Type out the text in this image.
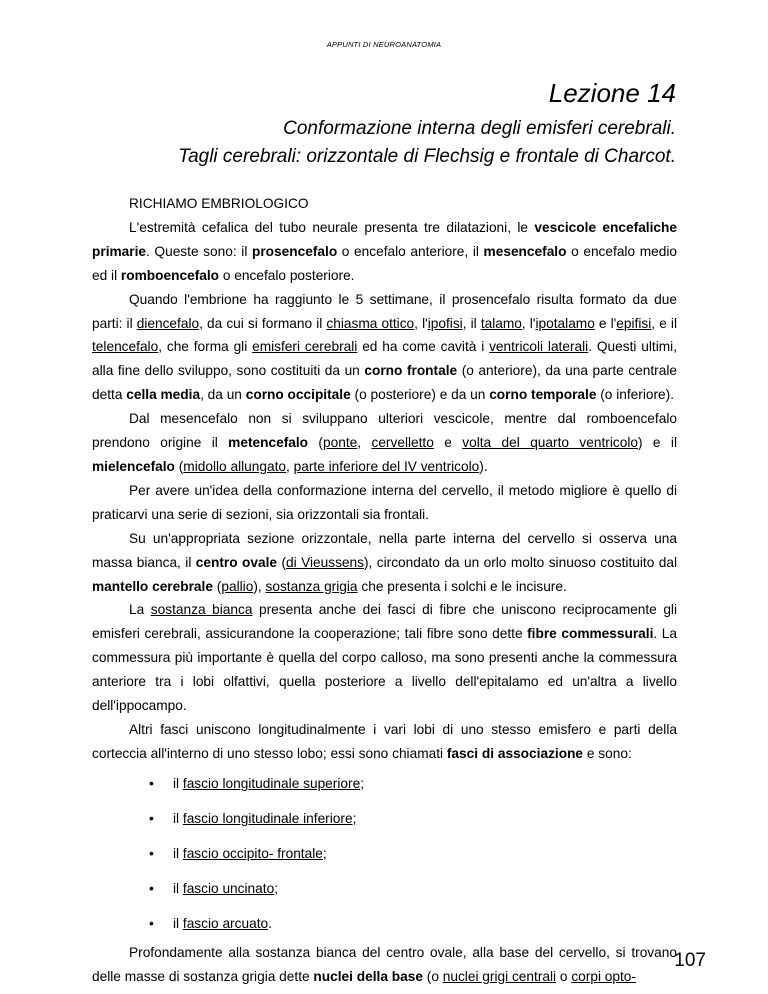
APPUNTI DI NEUROANATOMIA
Lezione 14
Conformazione interna degli emisferi cerebrali.
Tagli cerebrali: orizzontale di Flechsig e frontale di Charcot.
RICHIAMO EMBRIOLOGICO

L'estremità cefalica del tubo neurale presenta tre dilatazioni, le vescicole encefaliche primarie. Queste sono: il prosencefalo o encefalo anteriore, il mesencefalo o encefalo medio ed il romboencefalo o encefalo posteriore.

Quando l'embrione ha raggiunto le 5 settimane, il prosencefalo risulta formato da due parti: il diencefalo, da cui si formano il chiasma ottico, l'ipofisi, il talamo, l'ipotalamo e l'epifisi, e il telencefalo, che forma gli emisferi cerebrali ed ha come cavità i ventricoli laterali. Questi ultimi, alla fine dello sviluppo, sono costituiti da un corno frontale (o anteriore), da una parte centrale detta cella media, da un corno occipitale (o posteriore) e da un corno temporale (o inferiore).

Dal mesencefalo non si sviluppano ulteriori vescicole, mentre dal romboencefalo prendono origine il metencefalo (ponte, cervelletto e volta del quarto ventricolo) e il mielencefalo (midollo allungato, parte inferiore del IV ventricolo).

Per avere un'idea della conformazione interna del cervello, il metodo migliore è quello di praticarvi una serie di sezioni, sia orizzontali sia frontali.

Su un'appropriata sezione orizzontale, nella parte interna del cervello si osserva una massa bianca, il centro ovale (di Vieussens), circondato da un orlo molto sinuoso costituito dal mantello cerebrale (pallio), sostanza grigia che presenta i solchi e le incisure.

La sostanza bianca presenta anche dei fasci di fibre che uniscono reciprocamente gli emisferi cerebrali, assicurandone la cooperazione; tali fibre sono dette fibre commessurali. La commessura più importante è quella del corpo calloso, ma sono presenti anche la commessura anteriore tra i lobi olfattivi, quella posteriore a livello dell'epitalamo ed un'altra a livello dell'ippocampo.

Altri fasci uniscono longitudinalmente i vari lobi di uno stesso emisfero e parti della corteccia all'interno di uno stesso lobo; essi sono chiamati fasci di associazione e sono:

• il fascio longitudinale superiore;
• il fascio longitudinale inferiore;
• il fascio occipito- frontale;
• il fascio uncinato;
• il fascio arcuato.

Profondamente alla sostanza bianca del centro ovale, alla base del cervello, si trovano delle masse di sostanza grigia dette nuclei della base (o nuclei grigi centrali o corpi opto-

107
